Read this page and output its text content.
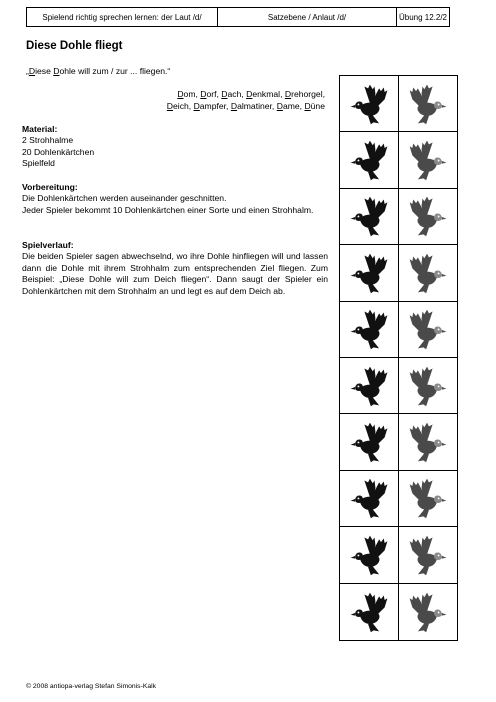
Spielend richtig sprechen lernen: der Laut /d/	Satzebene / Anlaut /d/	Übung 12.2/2
Diese Dohle fliegt
„Diese Dohle will zum / zur ... fliegen.“
Dom, Dorf, Dach, Denkmal, Drehorgel,
Deich, Dampfer, Dalmatiner, Dame, Düne
Material:
2 Strohhalme
20 Dohlenkärtchen
Spielfeld
Vorbereitung:
Die Dohlenkärtchen werden auseinander geschnitten.
Jeder Spieler bekommt 10 Dohlenkärtchen einer Sorte und einen Strohhalm.
Spielverlauf:
Die beiden Spieler sagen abwechselnd, wo ihre Dohle hinfliegen will und lassen dann die Dohle mit ihrem Strohhalm zum entsprechenden Ziel fliegen. Zum Beispiel: „Diese Dohle will zum Deich fliegen“. Dann saugt der Spieler ein Dohlenkärtchen mit dem Strohhalm an und legt es auf dem Deich ab.
© 2008 antiopa-verlag Stefan Simonis-Kalk
